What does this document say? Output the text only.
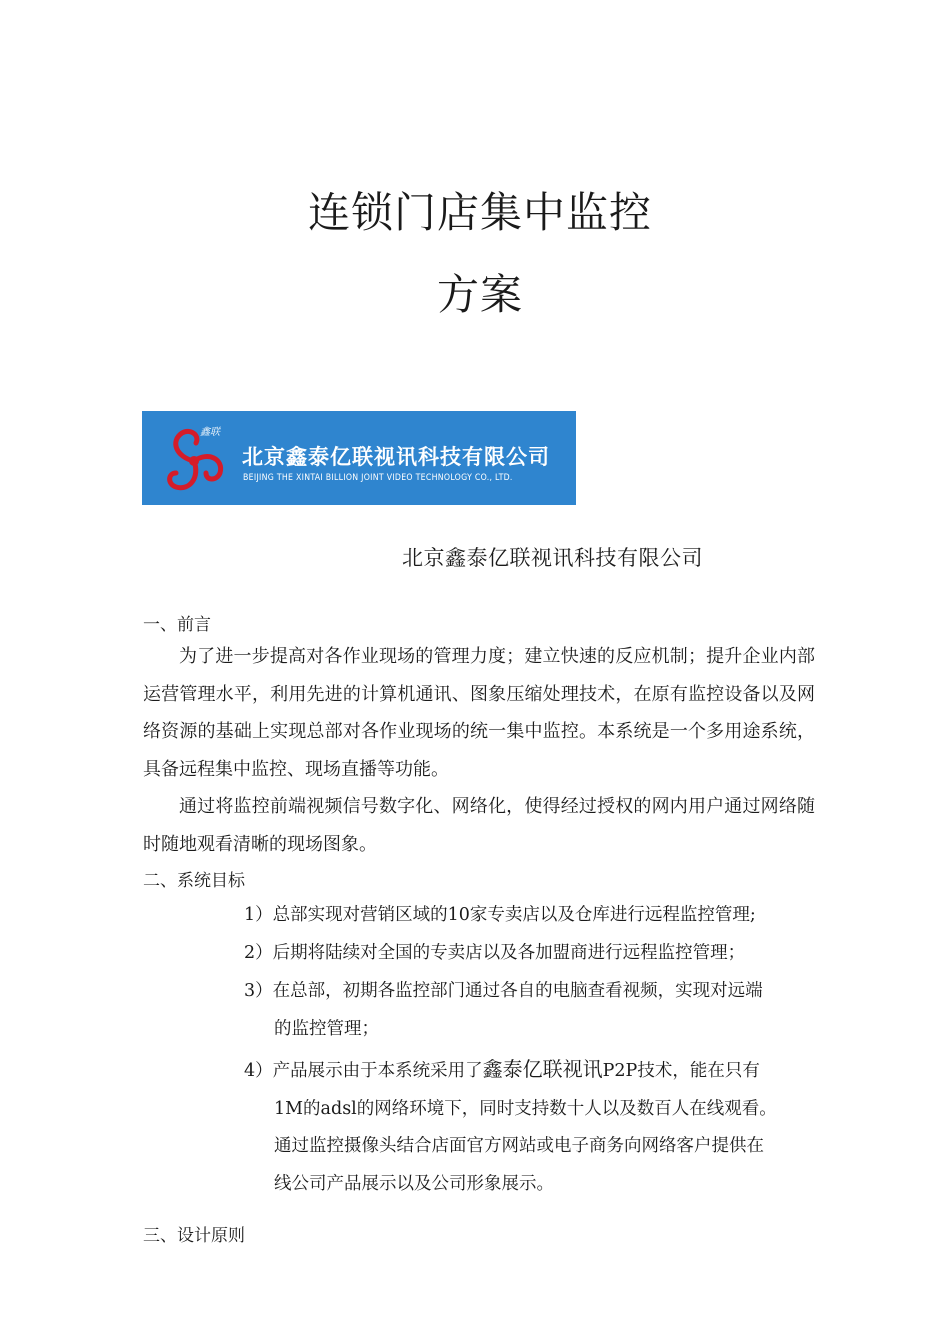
连锁门店集中监控
方案
鑫联
北京鑫泰亿联视讯科技有限公司
BEIJING THE XINTAI BILLION JOINT VIDEO TECHNOLOGY CO., LTD.
北京鑫泰亿联视讯科技有限公司
一、前言

为了进一步提高对各作业现场的管理力度；建立快速的反应机制；提升企业内部运营管理水平，利用先进的计算机通讯、图象压缩处理技术，在原有监控设备以及网络资源的基础上实现总部对各作业现场的统一集中监控。本系统是一个多用途系统，具备远程集中监控、现场直播等功能。

通过将监控前端视频信号数字化、网络化，使得经过授权的网内用户通过网络随时随地观看清晰的现场图象。

二、系统目标

1）总部实现对营销区域的10家专卖店以及仓库进行远程监控管理;

2）后期将陆续对全国的专卖店以及各加盟商进行远程监控管理；

3）在总部，初期各监控部门通过各自的电脑查看视频，实现对远端
的监控管理；

4）产品展示由于本系统采用了鑫泰亿联视讯P2P技术，能在只有
1M的adsl的网络环境下，同时支持数十人以及数百人在线观看。
通过监控摄像头结合店面官方网站或电子商务向网络客户提供在
线公司产品展示以及公司形象展示。

三、设计原则
